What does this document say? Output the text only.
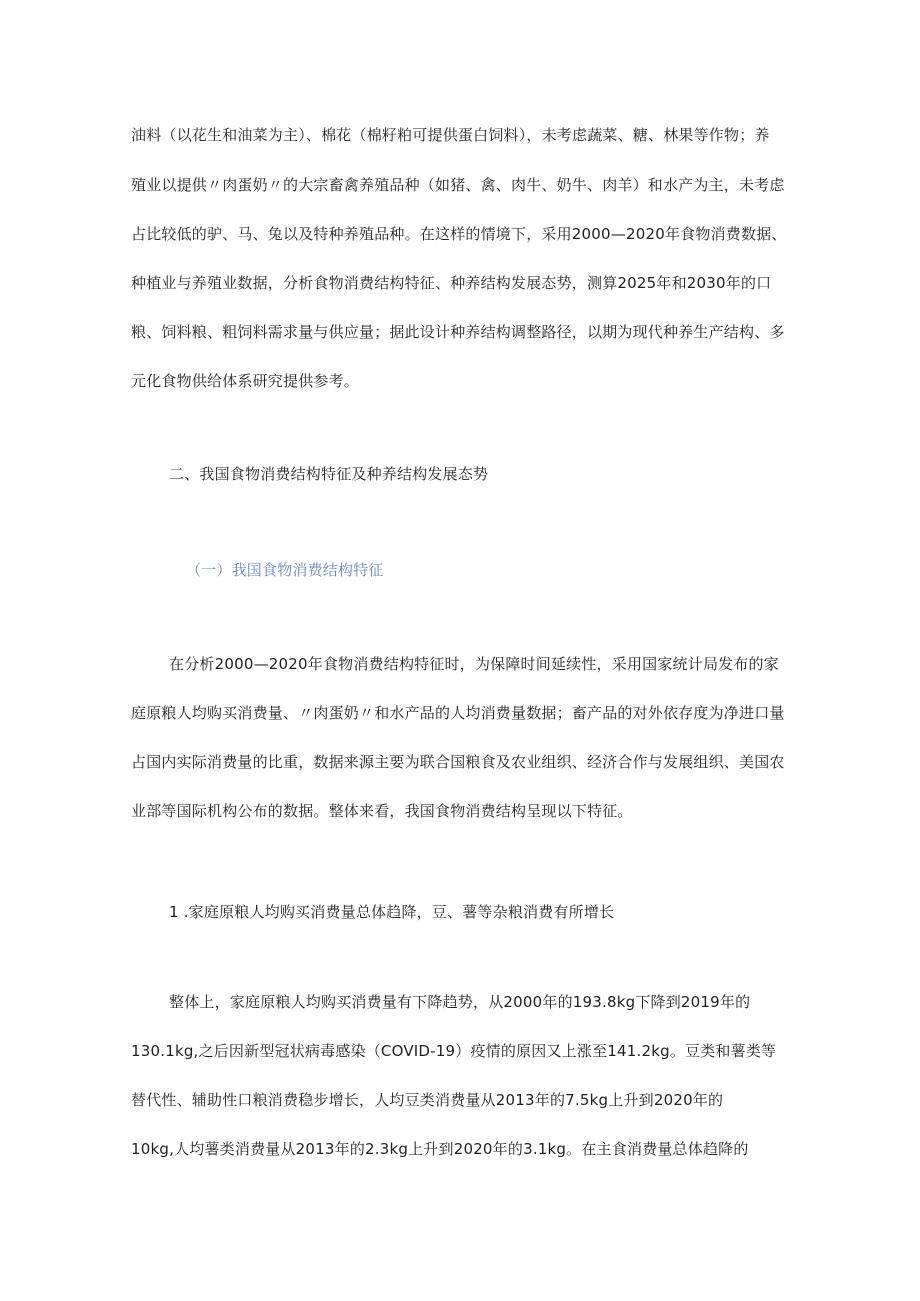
油料（以花生和油菜为主）、棉花（棉籽粕可提供蛋白饲料），未考虑蔬菜、糖、林果等作物；养
殖业以提供〃肉蛋奶〃的大宗畜禽养殖品种（如猪、禽、肉牛、奶牛、肉羊）和水产为主，未考虑
占比较低的驴、马、兔以及特种养殖品种。在这样的情境下，采用2000—2020年食物消费数据、
种植业与养殖业数据，分析食物消费结构特征、种养结构发展态势，测算2025年和2030年的口
粮、饲料粮、粗饲料需求量与供应量；据此设计种养结构调整路径，以期为现代种养生产结构、多
元化食物供给体系研究提供参考。
二、我国食物消费结构特征及种养结构发展态势
（一）我国食物消费结构特征
在分析2000—2020年食物消费结构特征时，为保障时间延续性，采用国家统计局发布的家
庭原粮人均购买消费量、〃肉蛋奶〃和水产品的人均消费量数据；畜产品的对外依存度为净进口量
占国内实际消费量的比重，数据来源主要为联合国粮食及农业组织、经济合作与发展组织、美国农
业部等国际机构公布的数据。整体来看，我国食物消费结构呈现以下特征。
1 .家庭原粮人均购买消费量总体趋降，豆、薯等杂粮消费有所增长
整体上，家庭原粮人均购买消费量有下降趋势，从2000年的193.8kg下降到2019年的
130.1kg,之后因新型冠状病毒感染（COVID-19）疫情的原因又上涨至141.2kg。豆类和薯类等
替代性、辅助性口粮消费稳步增长，人均豆类消费量从2013年的7.5kg上升到2020年的
10kg,人均薯类消费量从2013年的2.3kg上升到2020年的3.1kg。在主食消费量总体趋降的
